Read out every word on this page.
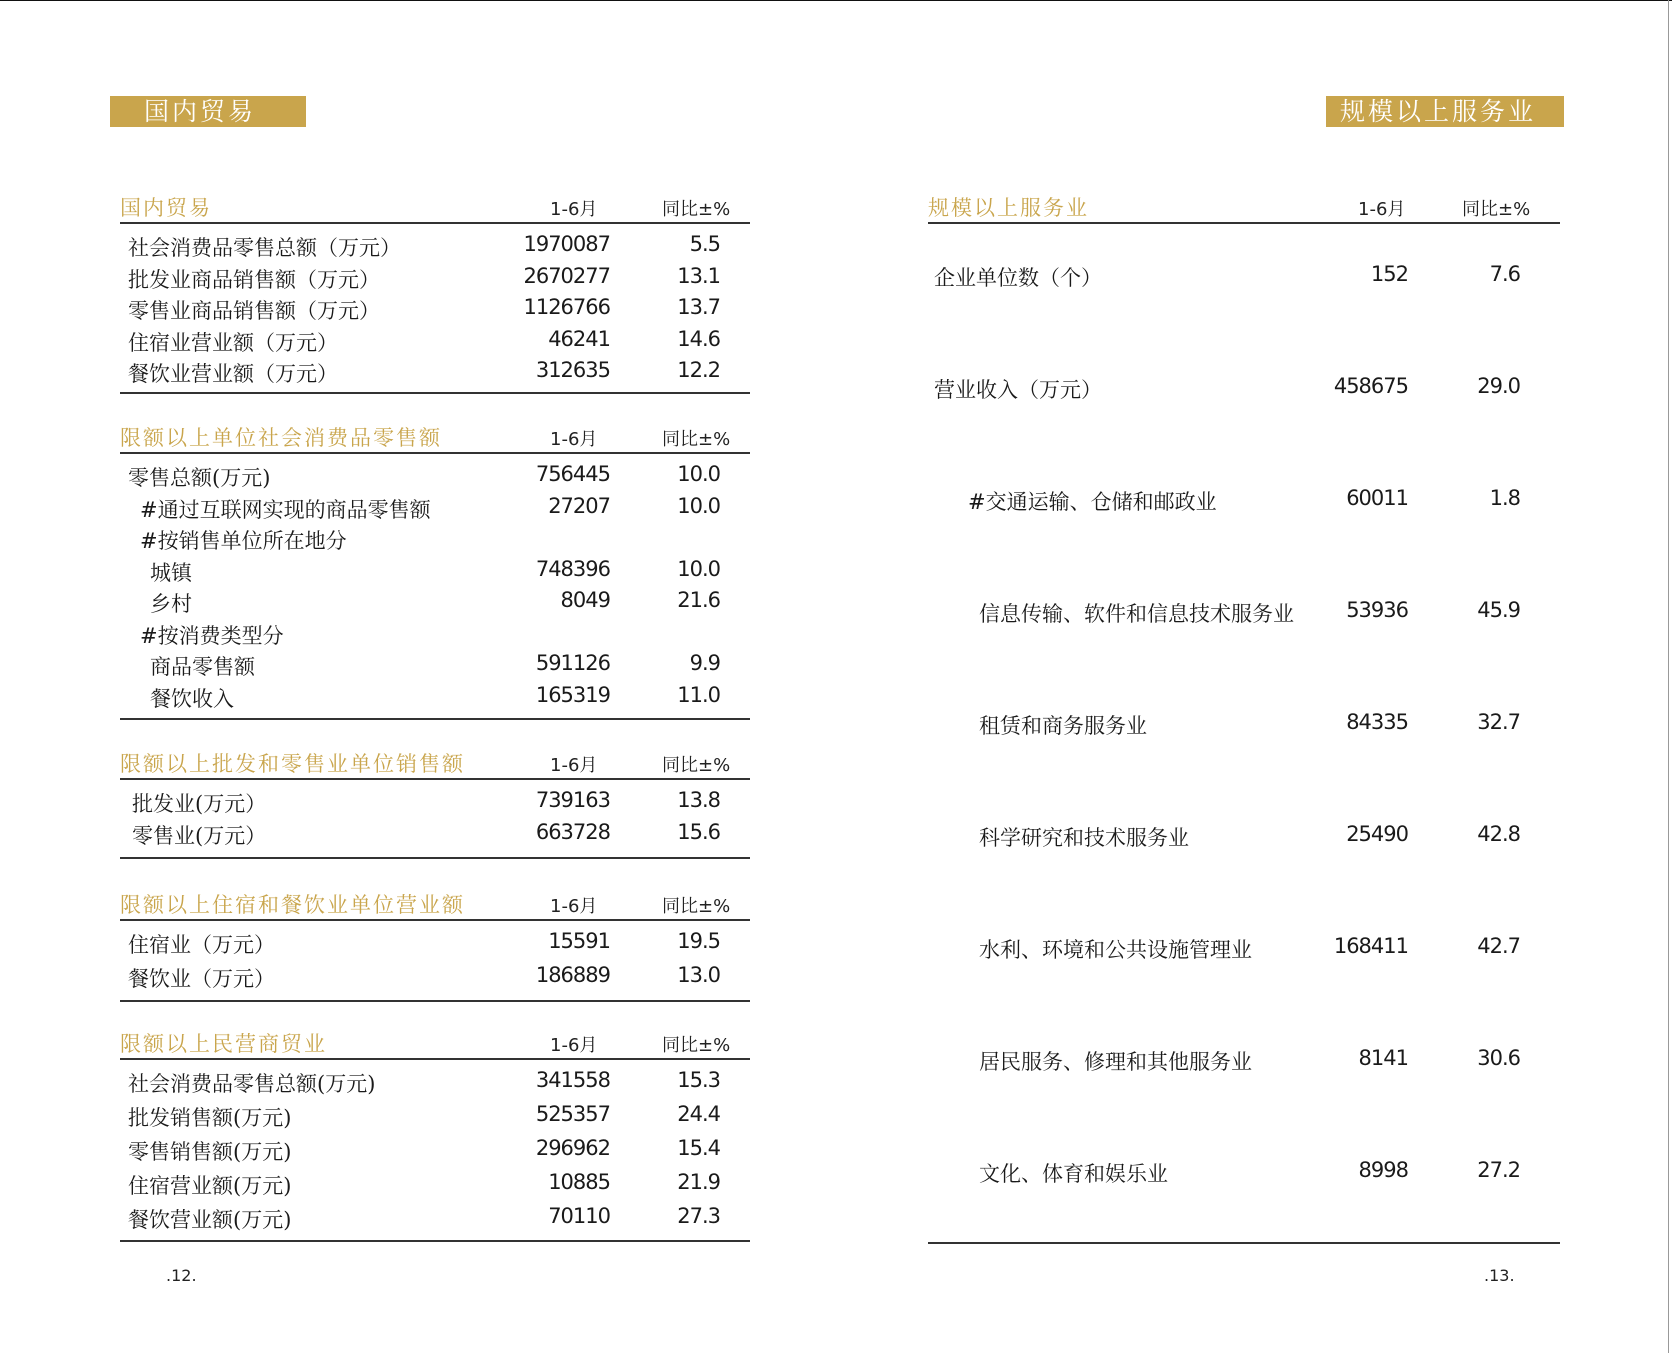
国内贸易	规模以上服务业
国内贸易	1-6月	同比±%
社会消费品零售总额（万元）	1970087	5.5
批发业商品销售额（万元）	2670277	13.1
零售业商品销售额（万元）	1126766	13.7
住宿业营业额（万元）	46241	14.6
餐饮业营业额（万元）	312635	12.2
限额以上单位社会消费品零售额	1-6月	同比±%
零售总额(万元)	756445	10.0
#通过互联网实现的商品零售额	27207	10.0
#按销售单位所在地分
城镇	748396	10.0
乡村	8049	21.6
#按消费类型分
商品零售额	591126	9.9
餐饮收入	165319	11.0
限额以上批发和零售业单位销售额	1-6月	同比±%
批发业(万元）	739163	13.8
零售业(万元）	663728	15.6
限额以上住宿和餐饮业单位营业额	1-6月	同比±%
住宿业（万元）	15591	19.5
餐饮业（万元）	186889	13.0
限额以上民营商贸业	1-6月	同比±%
社会消费品零售总额(万元)	341558	15.3
批发销售额(万元)	525357	24.4
零售销售额(万元)	296962	15.4
住宿营业额(万元)	10885	21.9
餐饮营业额(万元)	70110	27.3
规模以上服务业	1-6月	同比±%
企业单位数（个）	152	7.6
营业收入（万元）	458675	29.0
#交通运输、仓储和邮政业	60011	1.8
信息传输、软件和信息技术服务业 53936	45.9
租赁和商务服务业	84335	32.7
科学研究和技术服务业	25490	42.8
水利、环境和公共设施管理业	168411	42.7
居民服务、修理和其他服务业	8141	30.6
文化、体育和娱乐业	8998	27.2
.12.	.13.
